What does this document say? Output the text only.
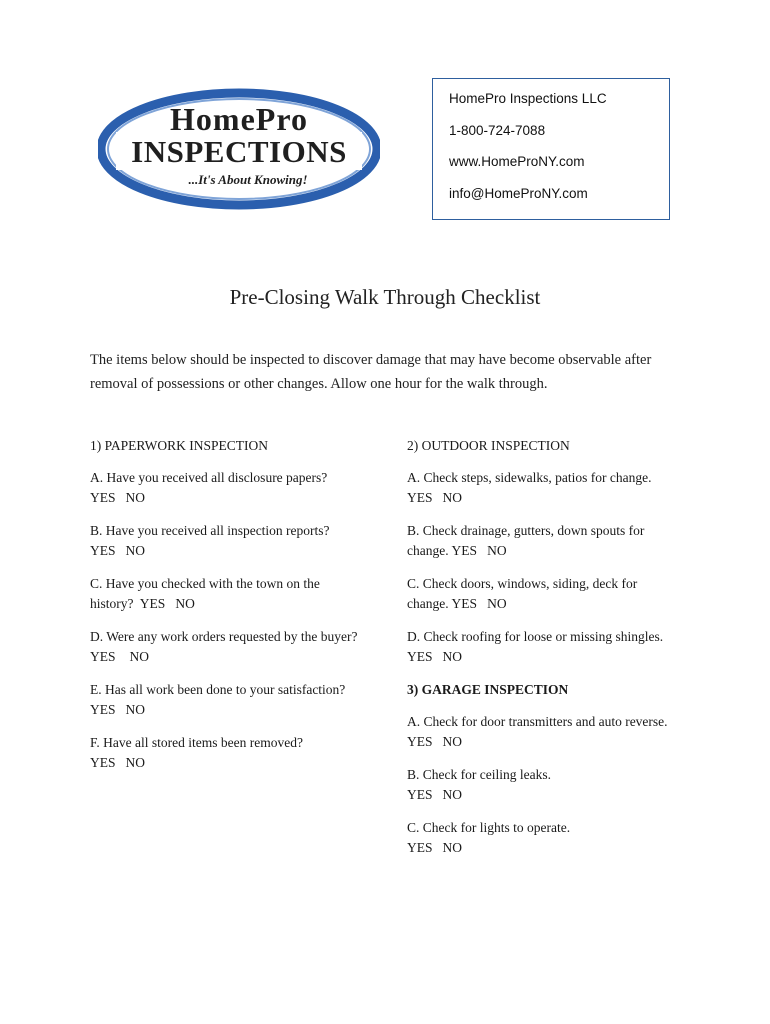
HomePro
INSPECTIONS
...It's About Knowing!
HomePro Inspections LLC
1-800-724-7088
www.HomeProNY.com
info@HomeProNY.com
Pre-Closing Walk Through Checklist
The items below should be inspected to discover damage that may have become observable after
removal of possessions or other changes. Allow one hour for the walk through.
1) PAPERWORK INSPECTION
A. Have you received all disclosure papers?
YES NO
B. Have you received all inspection reports?
YES NO
C. Have you checked with the town on the
history? YES NO
D. Were any work orders requested by the buyer?
YES NO
E. Has all work been done to your satisfaction?
YES NO
F. Have all stored items been removed?
YES NO
2) OUTDOOR INSPECTION
A. Check steps, sidewalks, patios for change.
YES NO
B. Check drainage, gutters, down spouts for
change. YES NO
C. Check doors, windows, siding, deck for
change. YES NO
D. Check roofing for loose or missing shingles.
YES NO
3) GARAGE INSPECTION
A. Check for door transmitters and auto reverse.
YES NO
B. Check for ceiling leaks.
YES NO
C. Check for lights to operate.
YES NO
